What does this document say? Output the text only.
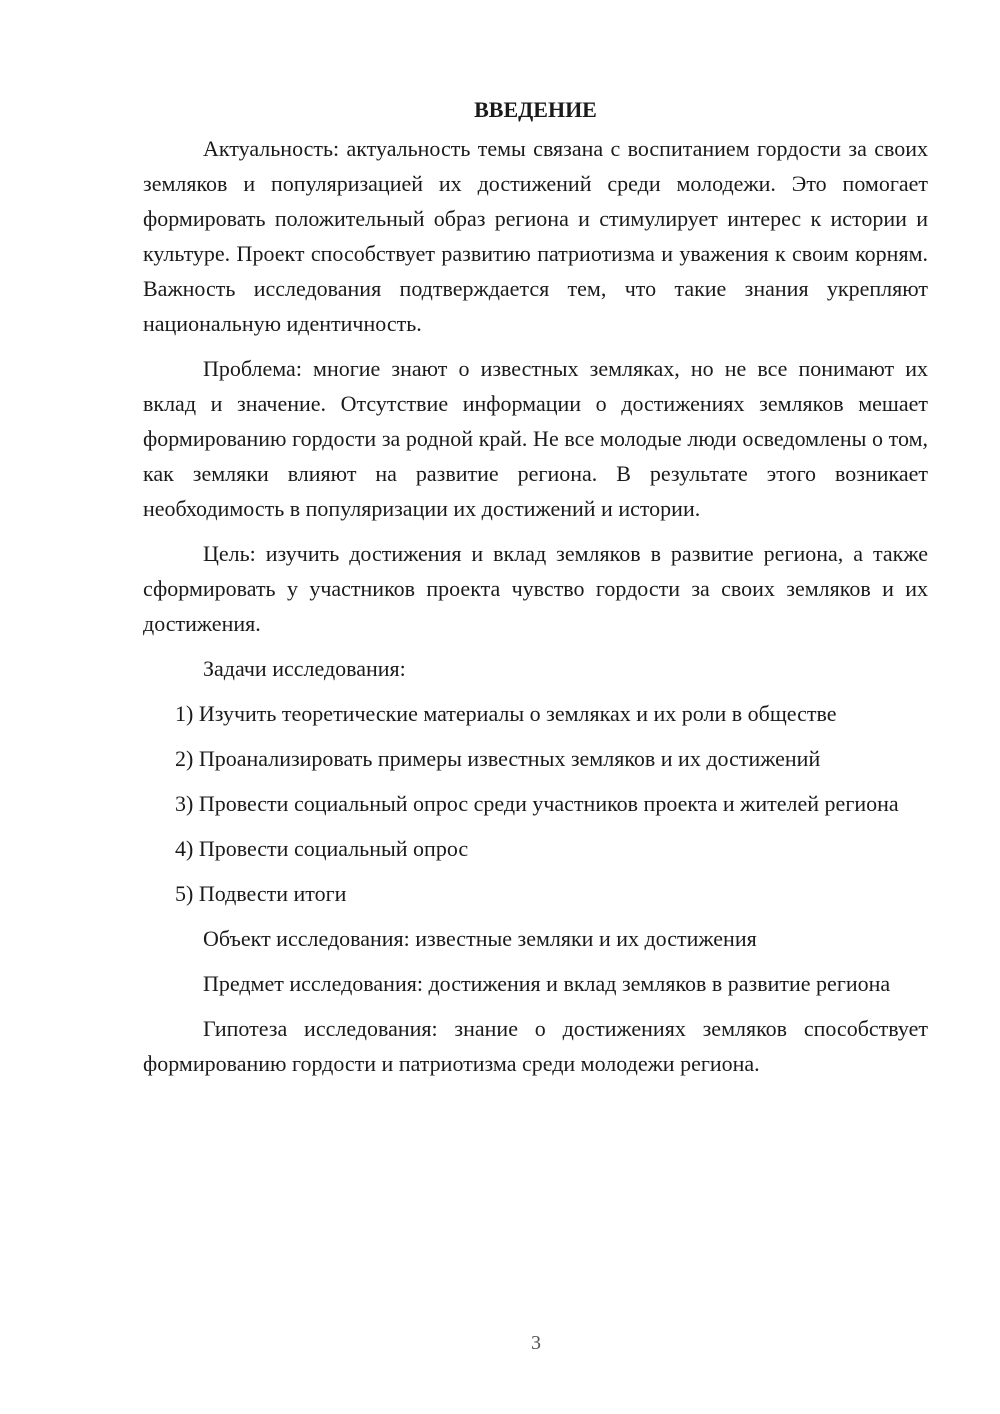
ВВЕДЕНИЕ

Актуальность: актуальность темы связана с воспитанием гордости за своих земляков и популяризацией их достижений среди молодежи. Это помогает формировать положительный образ региона и стимулирует интерес к истории и культуре. Проект способствует развитию патриотизма и уважения к своим корням. Важность исследования подтверждается тем, что такие знания укрепляют национальную идентичность.

Проблема: многие знают о известных земляках, но не все понимают их вклад и значение. Отсутствие информации о достижениях земляков мешает формированию гордости за родной край. Не все молодые люди осведомлены о том, как земляки влияют на развитие региона. В результате этого возникает необходимость в популяризации их достижений и истории.

Цель: изучить достижения и вклад земляков в развитие региона, а также сформировать у участников проекта чувство гордости за своих земляков и их достижения.

Задачи исследования:

1) Изучить теоретические материалы о земляках и их роли в обществе

2) Проанализировать примеры известных земляков и их достижений

3) Провести социальный опрос среди участников проекта и жителей региона

4) Провести социальный опрос

5) Подвести итоги

Объект исследования: известные земляки и их достижения

Предмет исследования: достижения и вклад земляков в развитие региона

Гипотеза исследования: знание о достижениях земляков способствует формированию гордости и патриотизма среди молодежи региона.

3
